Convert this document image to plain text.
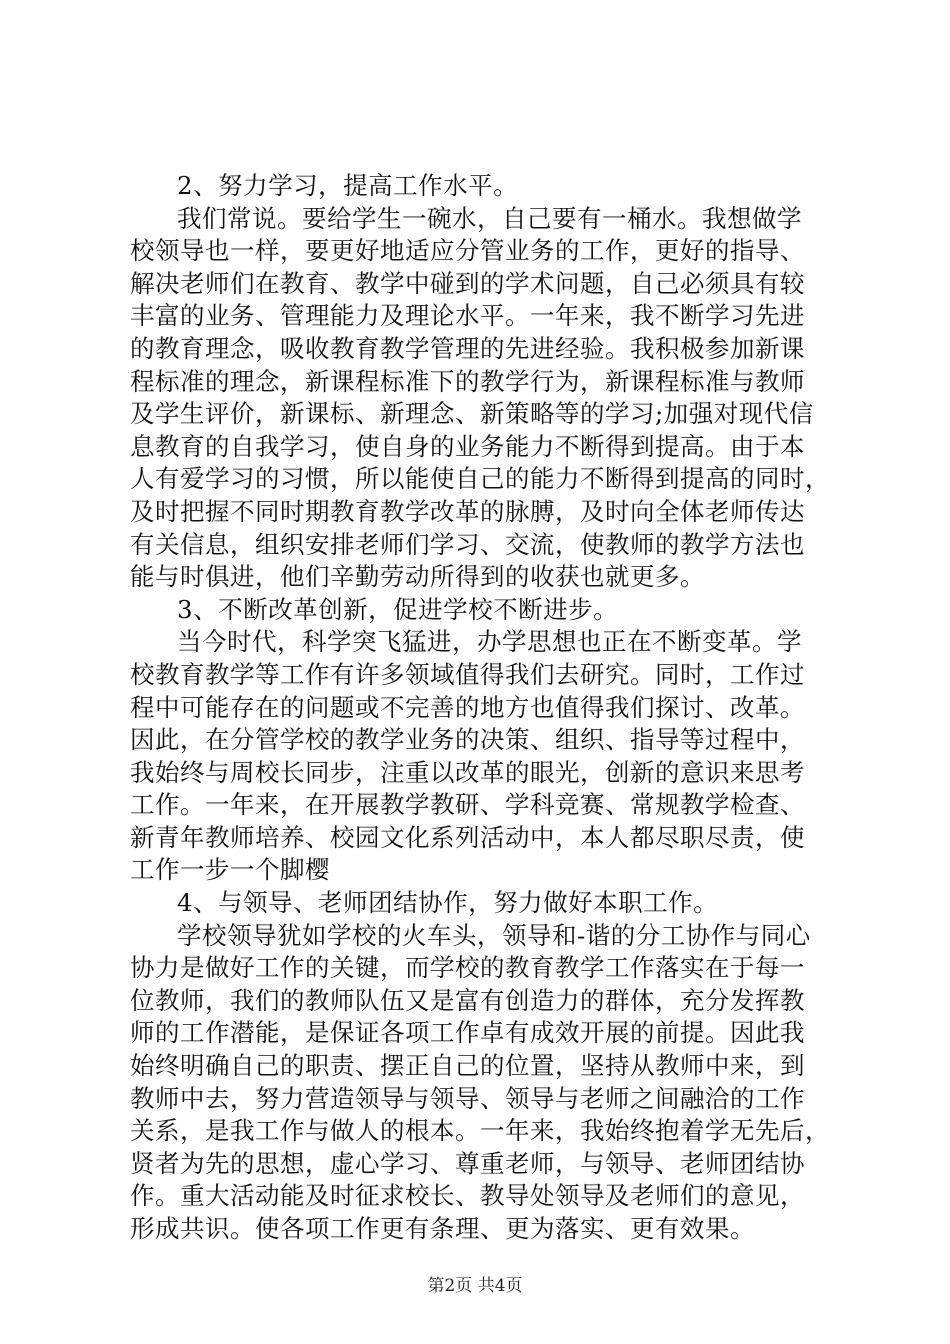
2、努力学习，提高工作水平。
我们常说。要给学生一碗水，自己要有一桶水。我想做学
校领导也一样，要更好地适应分管业务的工作，更好的指导、
解决老师们在教育、教学中碰到的学术问题，自己必须具有较
丰富的业务、管理能力及理论水平。一年来，我不断学习先进
的教育理念，吸收教育教学管理的先进经验。我积极参加新课
程标准的理念，新课程标准下的教学行为，新课程标准与教师
及学生评价，新课标、新理念、新策略等的学习;加强对现代信
息教育的自我学习，使自身的业务能力不断得到提高。由于本
人有爱学习的习惯，所以能使自己的能力不断得到提高的同时，
及时把握不同时期教育教学改革的脉膊，及时向全体老师传达
有关信息，组织安排老师们学习、交流，使教师的教学方法也
能与时俱进，他们辛勤劳动所得到的收获也就更多。
3、不断改革创新，促进学校不断进步。
当今时代，科学突飞猛进，办学思想也正在不断变革。学
校教育教学等工作有许多领域值得我们去研究。同时，工作过
程中可能存在的问题或不完善的地方也值得我们探讨、改革。
因此，在分管学校的教学业务的决策、组织、指导等过程中，
我始终与周校长同步，注重以改革的眼光，创新的意识来思考
工作。一年来，在开展教学教研、学科竞赛、常规教学检查、
新青年教师培养、校园文化系列活动中，本人都尽职尽责，使
工作一步一个脚樱
4、与领导、老师团结协作，努力做好本职工作。
学校领导犹如学校的火车头，领导和-谐的分工协作与同心
协力是做好工作的关键，而学校的教育教学工作落实在于每一
位教师，我们的教师队伍又是富有创造力的群体，充分发挥教
师的工作潜能，是保证各项工作卓有成效开展的前提。因此我
始终明确自己的职责、摆正自己的位置，坚持从教师中来，到
教师中去，努力营造领导与领导、领导与老师之间融洽的工作
关系，是我工作与做人的根本。一年来，我始终抱着学无先后，
贤者为先的思想，虚心学习、尊重老师，与领导、老师团结协
作。重大活动能及时征求校长、教导处领导及老师们的意见，
形成共识。使各项工作更有条理、更为落实、更有效果。
第2页 共4页
